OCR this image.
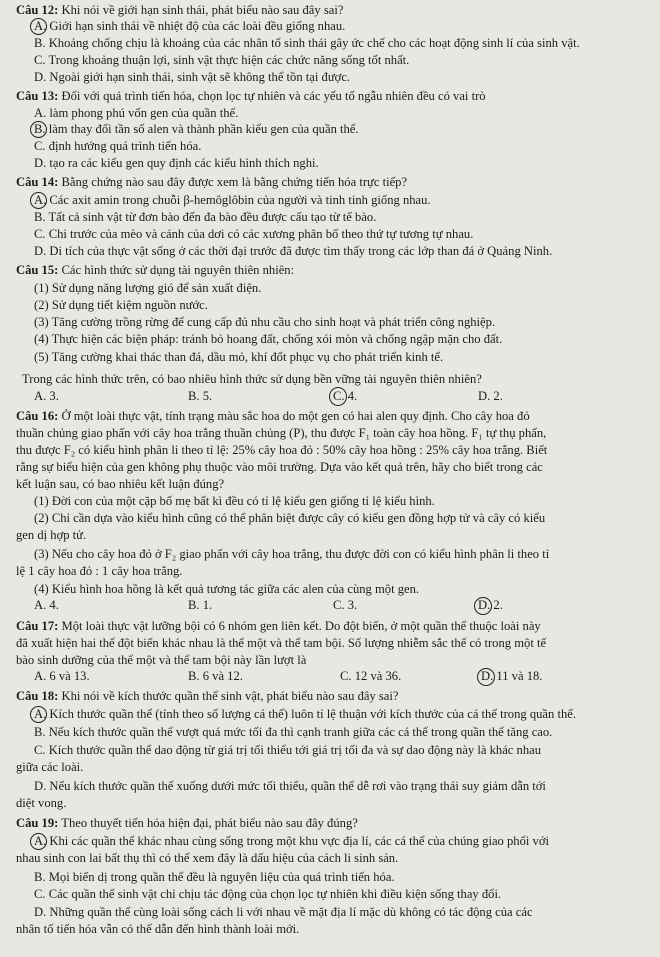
Câu 12: Khi nói về giới hạn sinh thái, phát biểu nào sau đây sai?
A. Giới hạn sinh thái về nhiệt độ của các loài đều giống nhau.
B. Khoảng chống chịu là khoảng của các nhân tố sinh thái gây ức chế cho các hoạt động sinh lí của sinh vật.
C. Trong khoảng thuận lợi, sinh vật thực hiện các chức năng sống tốt nhất.
D. Ngoài giới hạn sinh thái, sinh vật sẽ không thể tồn tại được.
Câu 13: Đối với quá trình tiến hóa, chọn lọc tự nhiên và các yếu tố ngẫu nhiên đều có vai trò
A. làm phong phú vốn gen của quần thể.
B. làm thay đổi tần số alen và thành phần kiểu gen của quần thể.
C. định hướng quá trình tiến hóa.
D. tạo ra các kiểu gen quy định các kiểu hình thích nghi.
Câu 14: Bằng chứng nào sau đây được xem là bằng chứng tiến hóa trực tiếp?
A. Các axit amin trong chuỗi β-hemôglôbin của người và tinh tinh giống nhau.
B. Tất cả sinh vật từ đơn bào đến đa bào đều được cấu tạo từ tế bào.
C. Chi trước của mèo và cánh của dơi có các xương phân bố theo thứ tự tương tự nhau.
D. Di tích của thực vật sống ở các thời đại trước đã được tìm thấy trong các lớp than đá ở Quảng Ninh.
Câu 15: Các hình thức sử dụng tài nguyên thiên nhiên:
(1) Sử dụng năng lượng gió để sản xuất điện.
(2) Sử dụng tiết kiệm nguồn nước.
(3) Tăng cường trồng rừng để cung cấp đủ nhu cầu cho sinh hoạt và phát triển công nghiệp.
(4) Thực hiện các biện pháp: tránh bỏ hoang đất, chống xói mòn và chống ngập mặn cho đất.
(5) Tăng cường khai thác than đá, dầu mỏ, khí đốt phục vụ cho phát triển kinh tế.
Trong các hình thức trên, có bao nhiêu hình thức sử dụng bền vững tài nguyên thiên nhiên?
A. 3.	B. 5.	C. 4.	D. 2.
Câu 16: Ở một loài thực vật, tính trạng màu sắc hoa do một gen có hai alen quy định. Cho cây hoa đỏ
thuần chủng giao phấn với cây hoa trắng thuần chủng (P), thu được F₁ toàn cây hoa hồng. F₁ tự thụ phấn,
thu được F₂ có kiểu hình phân li theo tỉ lệ: 25% cây hoa đỏ : 50% cây hoa hồng : 25% cây hoa trắng. Biết
rằng sự biểu hiện của gen không phụ thuộc vào môi trường. Dựa vào kết quả trên, hãy cho biết trong các
kết luận sau, có bao nhiêu kết luận đúng?
(1) Đời con của một cặp bố mẹ bất kì đều có tỉ lệ kiểu gen giống tỉ lệ kiểu hình.
(2) Chỉ cần dựa vào kiểu hình cũng có thể phân biệt được cây có kiểu gen đồng hợp tử và cây có kiểu
gen dị hợp tử.
(3) Nếu cho cây hoa đỏ ở F₂ giao phấn với cây hoa trắng, thu được đời con có kiểu hình phân li theo tỉ
lệ 1 cây hoa đỏ : 1 cây hoa trắng.
(4) Kiểu hình hoa hồng là kết quả tương tác giữa các alen của cùng một gen.
A. 4.	B. 1.	C. 3.	D. 2.
Câu 17: Một loài thực vật lưỡng bội có 6 nhóm gen liên kết. Do đột biến, ở một quần thể thuộc loài này
đã xuất hiện hai thể đột biến khác nhau là thể một và thể tam bội. Số lượng nhiễm sắc thể có trong một tế
bào sinh dưỡng của thể một và thể tam bội này lần lượt là
A. 6 và 13.	B. 6 và 12.	C. 12 và 36.	D. 11 và 18.
Câu 18: Khi nói về kích thước quần thể sinh vật, phát biểu nào sau đây sai?
A. Kích thước quần thể (tính theo số lượng cá thể) luôn tỉ lệ thuận với kích thước của cá thể trong quần thể.
B. Nếu kích thước quần thể vượt quá mức tối đa thì cạnh tranh giữa các cá thể trong quần thể tăng cao.
C. Kích thước quần thể dao động từ giá trị tối thiểu tới giá trị tối đa và sự dao động này là khác nhau
giữa các loài.
D. Nếu kích thước quần thể xuống dưới mức tối thiểu, quần thể dễ rơi vào trạng thái suy giảm dẫn tới
diệt vong.
Câu 19: Theo thuyết tiến hóa hiện đại, phát biểu nào sau đây đúng?
A. Khi các quần thể khác nhau cùng sống trong một khu vực địa lí, các cá thể của chúng giao phối với
nhau sinh con lai bất thụ thì có thể xem đây là dấu hiệu của cách li sinh sản.
B. Mọi biến dị trong quần thể đều là nguyên liệu của quá trình tiến hóa.
C. Các quần thể sinh vật chỉ chịu tác động của chọn lọc tự nhiên khi điều kiện sống thay đổi.
D. Những quần thể cùng loài sống cách li với nhau về mặt địa lí mặc dù không có tác động của các
nhân tố tiến hóa vẫn có thể dẫn đến hình thành loài mới.
